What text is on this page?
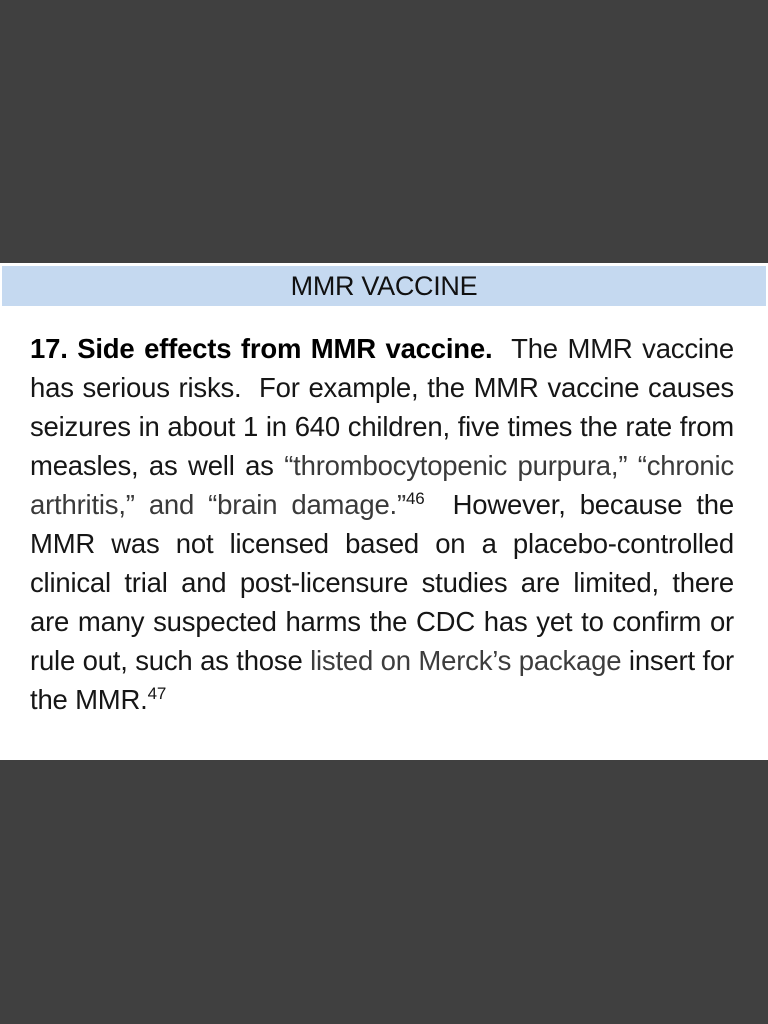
MMR VACCINE
17. Side effects from MMR vaccine. The MMR vaccine has serious risks. For example, the MMR vaccine causes seizures in about 1 in 640 children, five times the rate from measles, as well as “thrombocytopenic purpura,” “chronic arthritis,” and “brain damage.”$^{46}$ However, because the MMR was not licensed based on a placebo-controlled clinical trial and post-licensure studies are limited, there are many suspected harms the CDC has yet to confirm or rule out, such as those listed on Merck’s package insert for the MMR.$^{47}$
